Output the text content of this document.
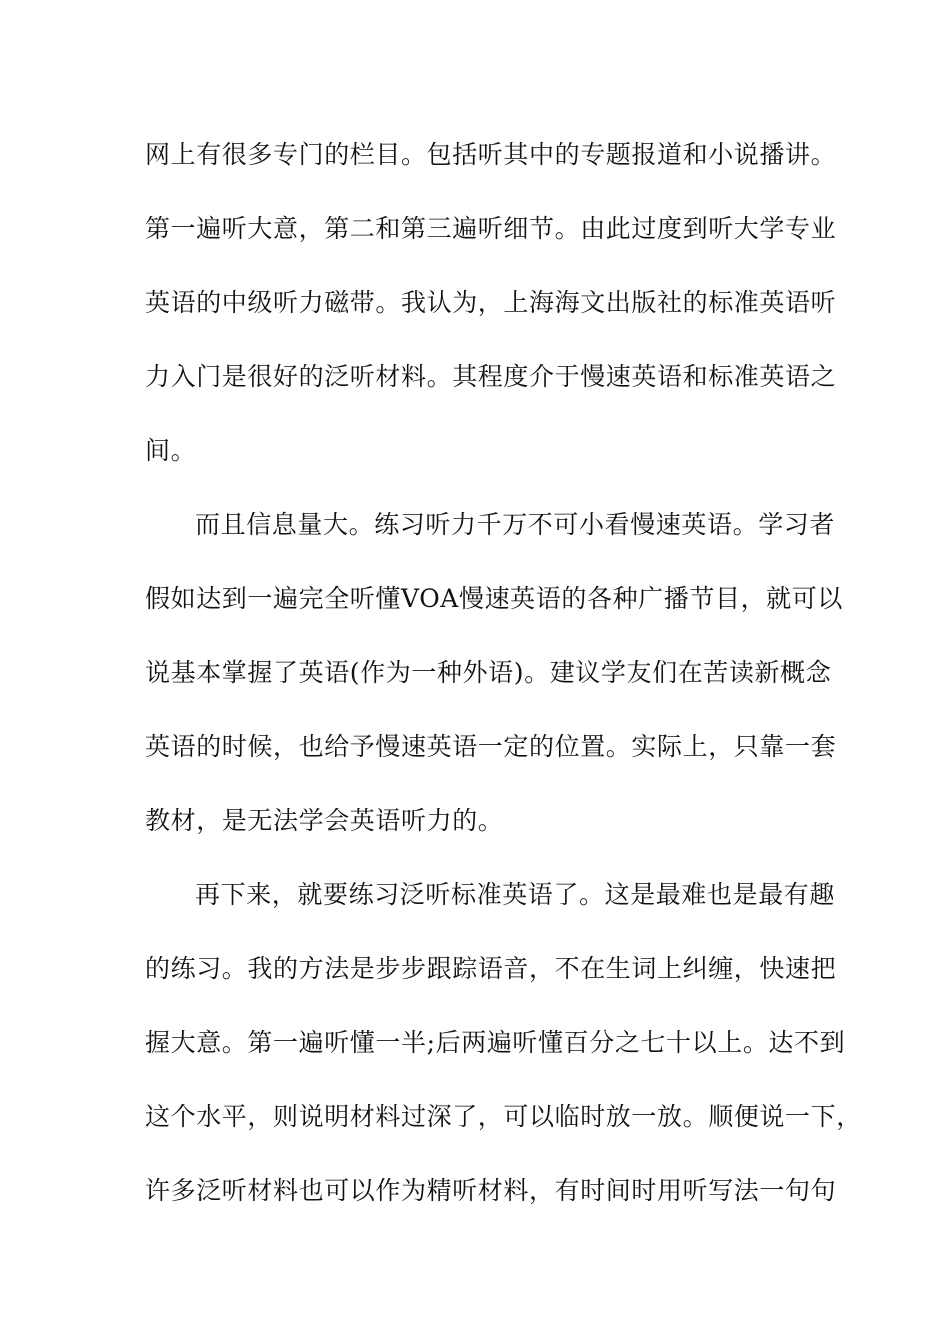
网上有很多专门的栏目。包括听其中的专题报道和小说播讲。
第一遍听大意，第二和第三遍听细节。由此过度到听大学专业
英语的中级听力磁带。我认为，上海海文出版社的标准英语听
力入门是很好的泛听材料。其程度介于慢速英语和标准英语之
间。
而且信息量大。练习听力千万不可小看慢速英语。学习者
假如达到一遍完全听懂VOA慢速英语的各种广播节目，就可以
说基本掌握了英语(作为一种外语)。建议学友们在苦读新概念
英语的时候，也给予慢速英语一定的位置。实际上，只靠一套
教材，是无法学会英语听力的。
再下来，就要练习泛听标准英语了。这是最难也是最有趣
的练习。我的方法是步步跟踪语音，不在生词上纠缠，快速把
握大意。第一遍听懂一半;后两遍听懂百分之七十以上。达不到
这个水平，则说明材料过深了，可以临时放一放。顺便说一下，
许多泛听材料也可以作为精听材料，有时间时用听写法一句句
